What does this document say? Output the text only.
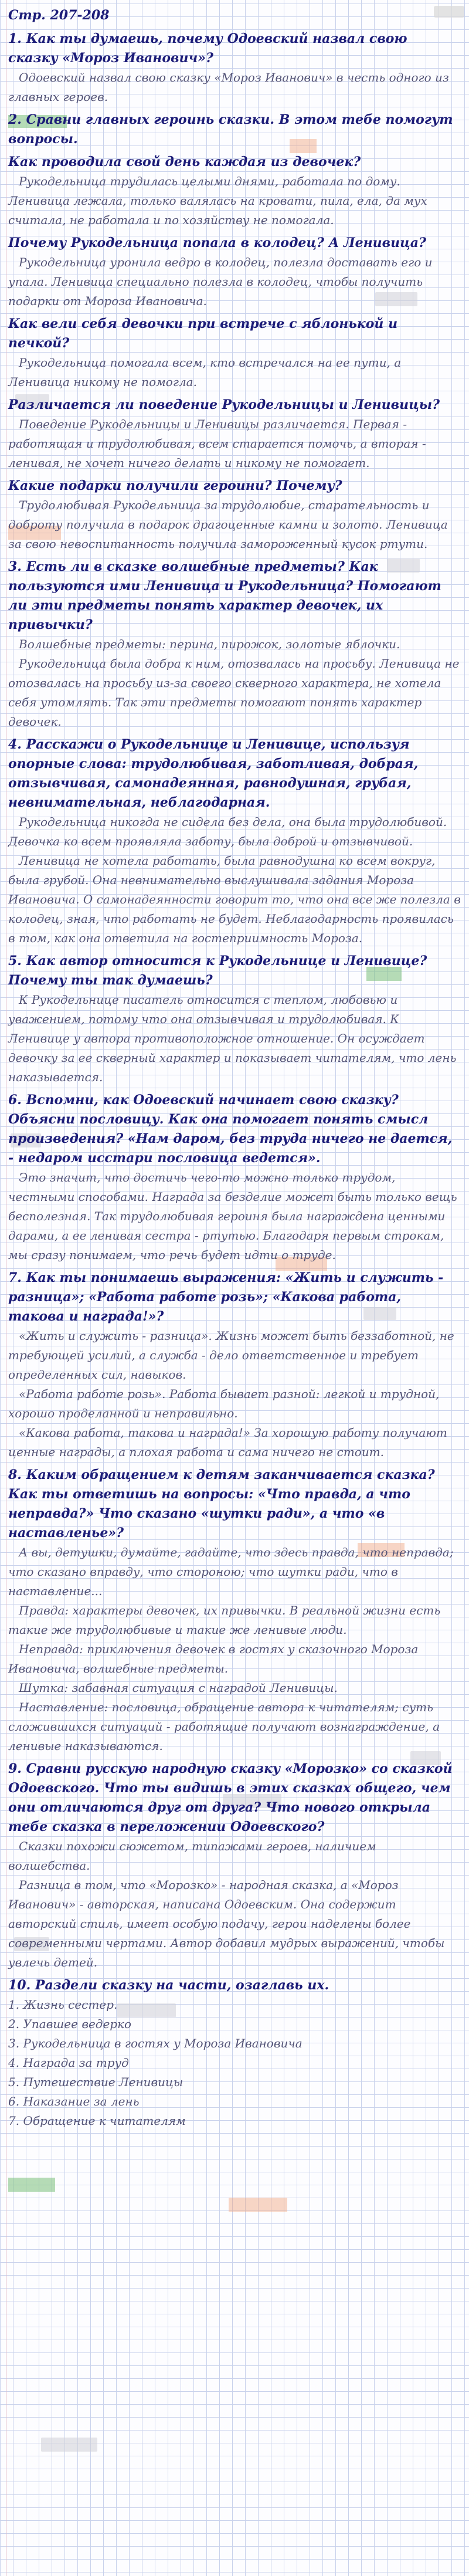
Стр. 207-208
1. Как ты думаешь, почему Одоевский назвал свою сказку «Мороз Иванович»?

Одоевский назвал свою сказку «Мороз Иванович» в честь одного из главных героев.

2. Сравни главных героинь сказки. В этом тебе помогут вопросы.
Как проводила свой день каждая из девочек?

Рукодельница трудилась целыми днями, работала по дому. Ленивица лежала, только валялась на кровати, пила, ела, да мух считала, не работала и по хозяйству не помогала.

Почему Рукодельница попала в колодец? А Ленивица?

Рукодельница уронила ведро в колодец, полезла доставать его и упала. Ленивица специально полезла в колодец, чтобы получить подарки от Мороза Ивановича.

Как вели себя девочки при встрече с яблонькой и печкой?

Рукодельница помогала всем, кто встречался на ее пути, а Ленивица никому не помогла.

Различается ли поведение Рукодельницы и Ленивицы?

Поведение Рукодельницы и Ленивицы различается. Первая - работящая и трудолюбивая, всем старается помочь, а вторая - ленивая, не хочет ничего делать и никому не помогает.

Какие подарки получили героини? Почему?

Трудолюбивая Рукодельница за трудолюбие, старательность и доброту получила в подарок драгоценные камни и золото. Ленивица за свою невоспитанность получила замороженный кусок ртути.

3. Есть ли в сказке волшебные предметы? Как пользуются ими Ленивица и Рукодельница? Помогают ли эти предметы понять характер девочек, их привычки?

Волшебные предметы: перина, пирожок, золотые яблочки.

Рукодельница была добра к ним, отозвалась на просьбу. Ленивица не отозвалась на просьбу из-за своего скверного характера, не хотела себя утомлять. Так эти предметы помогают понять характер девочек.

4. Расскажи о Рукодельнице и Ленивице, используя опорные слова: трудолюбивая, заботливая, добрая, отзывчивая, самонадеянная, равнодушная, грубая, невнимательная, неблагодарная.

Рукодельница никогда не сидела без дела, она была трудолюбивой. Девочка ко всем проявляла заботу, была доброй и отзывчивой.

Ленивица не хотела работать, была равнодушна ко всем вокруг, была грубой. Она невнимательно выслушивала задания Мороза Ивановича. О самонадеянности говорит то, что она все же полезла в колодец, зная, что работать не будет. Неблагодарность проявилась в том, как она ответила на гостеприимность Мороза.

5. Как автор относится к Рукодельнице и Ленивице? Почему ты так думаешь?

К Рукодельнице писатель относится с теплом, любовью и уважением, потому что она отзывчивая и трудолюбивая. К Ленивице у автора противоположное отношение. Он осуждает девочку за ее скверный характер и показывает читателям, что лень наказывается.

6. Вспомни, как Одоевский начинает свою сказку? Объясни пословицу. Как она помогает понять смысл произведения? «Нам даром, без труда ничего не дается, - недаром исстари пословица ведется».

Это значит, что достичь чего-то можно только трудом, честными способами. Награда за безделие может быть только вещь бесполезная. Так трудолюбивая героиня была награждена ценными дарами, а ее ленивая сестра - ртутью. Благодаря первым строкам, мы сразу понимаем, что речь будет идти о труде.

7. Как ты понимаешь выражения: «Жить и служить - разница»; «Работа работе розь»; «Какова работа, такова и награда!»?

«Жить и служить - разница». Жизнь может быть беззаботной, не требующей усилий, а служба - дело ответственное и требует определенных сил, навыков.

«Работа работе розь». Работа бывает разной: легкой и трудной, хорошо проделанной и неправильно.

«Какова работа, такова и награда!» За хорошую работу получают ценные награды, а плохая работа и сама ничего не стоит.

8. Каким обращением к детям заканчивается сказка? Как ты ответишь на вопросы: «Что правда, а что неправда?» Что сказано «шутки ради», а что «в наставленье»?

А вы, детушки, думайте, гадайте, что здесь правда, что неправда; что сказано вправду, что стороною; что шутки ради, что в наставление...

Правда: характеры девочек, их привычки. В реальной жизни есть такие же трудолюбивые и такие же ленивые люди.

Неправда: приключения девочек в гостях у сказочного Мороза Ивановича, волшебные предметы.

Шутка: забавная ситуация с наградой Ленивицы.

Наставление: пословица, обращение автора к читателям; суть сложившихся ситуаций - работящие получают вознаграждение, а ленивые наказываются.

9. Сравни русскую народную сказку «Морозко» со сказкой Одоевского. Что ты видишь в этих сказках общего, чем они отличаются друг от друга? Что нового открыла тебе сказка в переложении Одоевского?

Сказки похожи сюжетом, типажами героев, наличием волшебства.

Разница в том, что «Морозко» - народная сказка, а «Мороз Иванович» - авторская, написана Одоевским. Она содержит авторский стиль, имеет особую подачу, герои наделены более современными чертами. Автор добавил мудрых выражений, чтобы увлечь детей.

10. Раздели сказку на части, озаглавь их.
1. Жизнь сестер.
2. Упавшее ведерко
3. Рукодельница в гостях у Мороза Ивановича
4. Награда за труд
5. Путешествие Ленивицы
6. Наказание за лень
7. Обращение к читателям
